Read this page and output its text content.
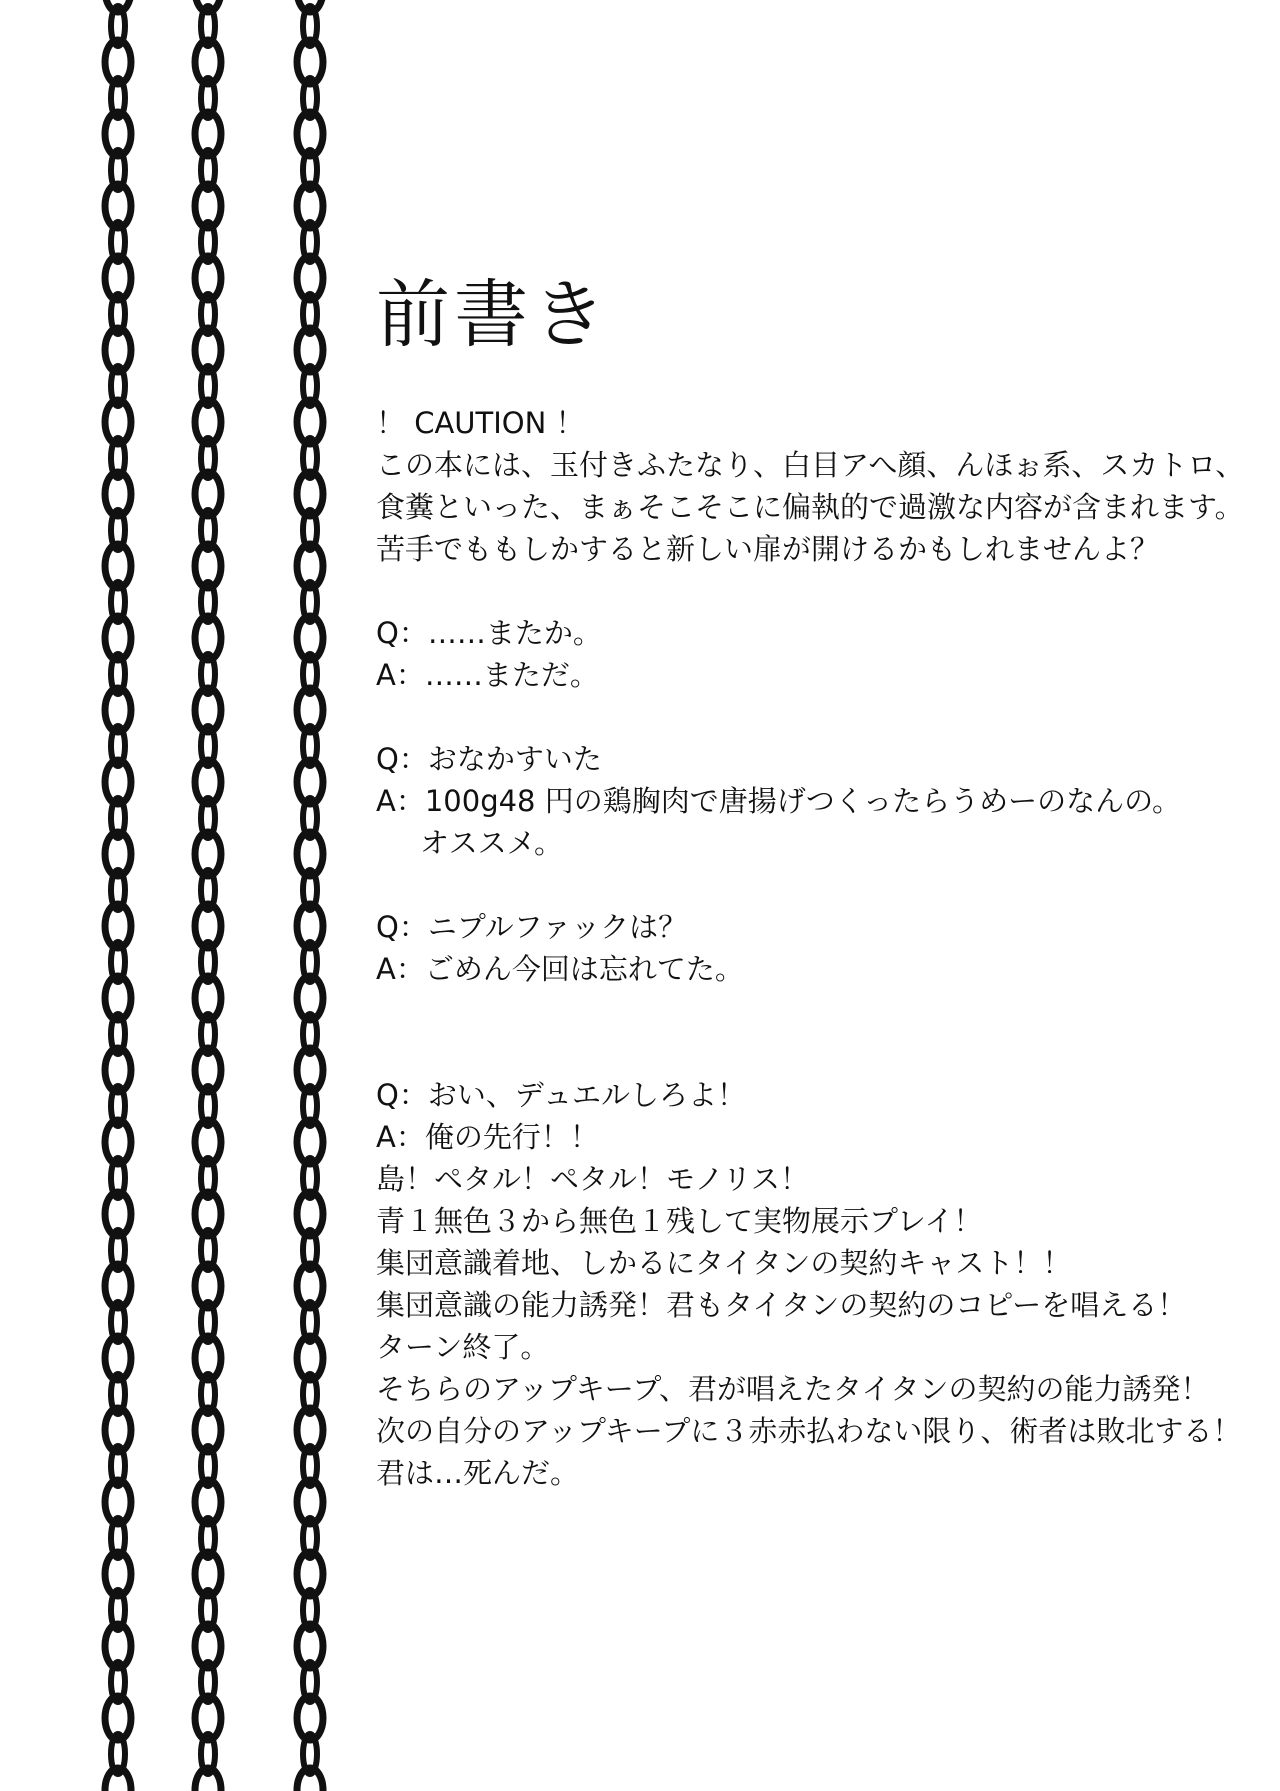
前書き
！ CAUTION ！
この本には、玉付きふたなり、白目アへ顔、んほぉ系、スカトロ、
食糞といった、まぁそこそこに偏執的で過激な内容が含まれます。
苦手でももしかすると新しい扉が開けるかもしれませんよ？
Q：……またか。
A：……まただ。
Q：おなかすいた
A：100g48 円の鶏胸肉で唐揚げつくったらうめーのなんの。
オススメ。
Q：ニプルファックは？
A：ごめん今回は忘れてた。
Q：おい、デュエルしろよ！
A：俺の先行！！
島！ペタル！ペタル！モノリス！
青１無色３から無色１残して実物展示プレイ！
集団意識着地、しかるにタイタンの契約キャスト！！
集団意識の能力誘発！君もタイタンの契約のコピーを唱える！
ターン終了。
そちらのアップキープ、君が唱えたタイタンの契約の能力誘発！
次の自分のアップキープに３赤赤払わない限り、術者は敗北する！
君は…死んだ。
